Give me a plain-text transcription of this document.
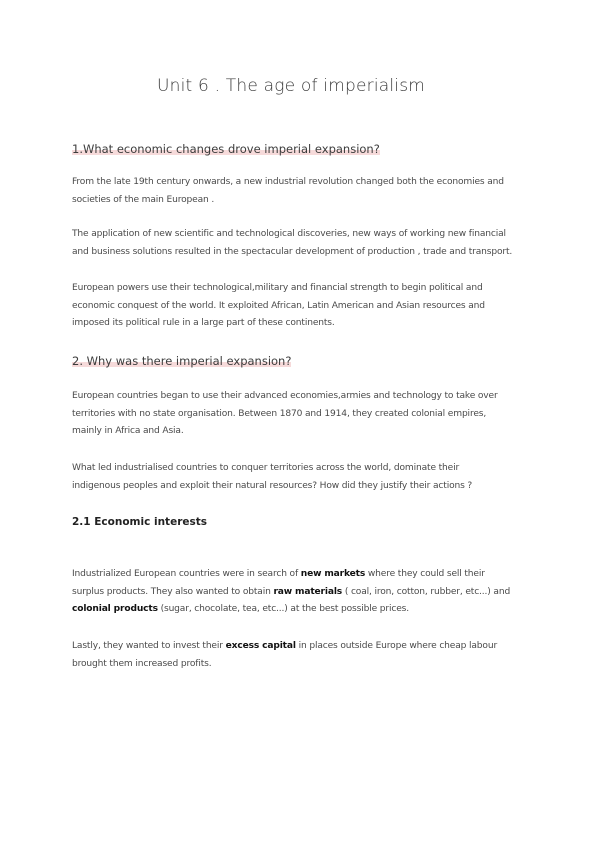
Unit 6 . The age of imperialism
1.What economic changes drove imperial expansion?
From the late 19th century onwards, a new industrial revolution changed both the economies and
societies of the main European .
The application of new scientific and technological discoveries, new ways of working new financial
and business solutions resulted in the spectacular development of production , trade and transport.
European powers use their technological,military and financial strength to begin political and
economic conquest of the world. It exploited African, Latin American and Asian resources and
imposed its political rule in a large part of these continents.
2. Why was there imperial expansion?
European countries began to use their advanced economies,armies and technology to take over
territories with no state organisation. Between 1870 and 1914, they created colonial empires,
mainly in Africa and Asia.
What led industrialised countries to conquer territories across the world, dominate their
indigenous peoples and exploit their natural resources? How did they justify their actions ?
2.1 Economic interests
Industrialized European countries were in search of new markets where they could sell their
surplus products. They also wanted to obtain raw materials ( coal, iron, cotton, rubber, etc...) and
colonial products (sugar, chocolate, tea, etc...) at the best possible prices.
Lastly, they wanted to invest their excess capital in places outside Europe where cheap labour
brought them increased profits.
